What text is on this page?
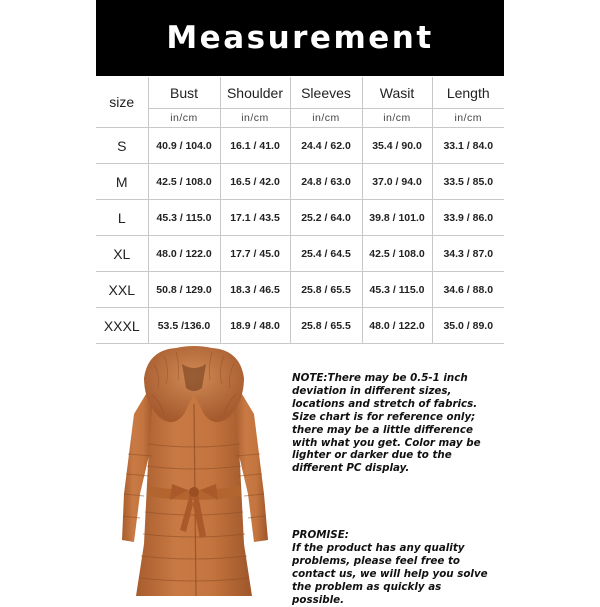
Measurement
size	Bust	Shoulder	Sleeves	Wasit	Length
	in/cm	in/cm	in/cm	in/cm	in/cm
S	40.9 / 104.0	16.1 / 41.0	24.4 / 62.0	35.4 / 90.0	33.1 / 84.0
M	42.5 / 108.0	16.5 / 42.0	24.8 / 63.0	37.0 / 94.0	33.5 / 85.0
L	45.3 / 115.0	17.1 / 43.5	25.2 / 64.0	39.8 / 101.0	33.9 / 86.0
XL	48.0 / 122.0	17.7 / 45.0	25.4 / 64.5	42.5 / 108.0	34.3 / 87.0
XXL	50.8 / 129.0	18.3 / 46.5	25.8 / 65.5	45.3 / 115.0	34.6 / 88.0
XXXL	53.5 /136.0	18.9 / 48.0	25.8 / 65.5	48.0 / 122.0	35.0 / 89.0

NOTE:There may be 0.5-1 inch deviation in different sizes, locations and stretch of fabrics. Size chart is for reference only; there may be a little difference with what you get. Color may be lighter or darker due to the different PC display.

PROMISE:

If the product has any quality problems, please feel free to contact us, we will help you solve the problem as quickly as possible.
